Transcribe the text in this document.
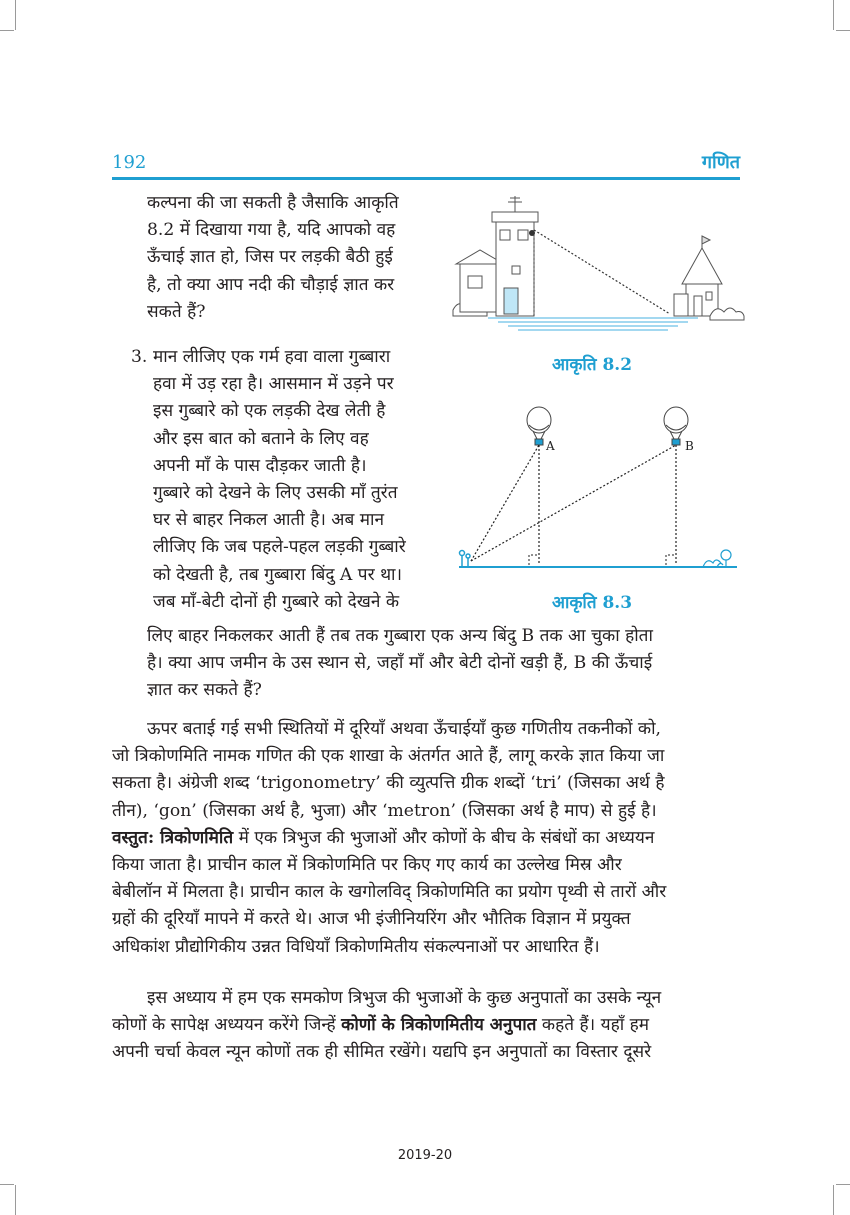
192	गणित
कल्पना की जा सकती है जैसाकि आकृति
8.2 में दिखाया गया है, यदि आपको वह
ऊँचाई ज्ञात हो, जिस पर लड़की बैठी हुई
है, तो क्या आप नदी की चौड़ाई ज्ञात कर
सकते हैं?
3. मान लीजिए एक गर्म हवा वाला गुब्बारा
हवा में उड़ रहा है। आसमान में उड़ने पर
इस गुब्बारे को एक लड़की देख लेती है
और इस बात को बताने के लिए वह
अपनी माँ के पास दौड़कर जाती है।
गुब्बारे को देखने के लिए उसकी माँ तुरंत
घर से बाहर निकल आती है। अब मान
लीजिए कि जब पहले-पहल लड़की गुब्बारे
को देखती है, तब गुब्बारा बिंदु A पर था।
जब माँ-बेटी दोनों ही गुब्बारे को देखने के
लिए बाहर निकलकर आती हैं तब तक गुब्बारा एक अन्य बिंदु B तक आ चुका होता
है। क्या आप जमीन के उस स्थान से, जहाँ माँ और बेटी दोनों खड़ी हैं, B की ऊँचाई
ज्ञात कर सकते हैं?
आकृति 8.2
A	B
आकृति 8.3
ऊपर बताई गई सभी स्थितियों में दूरियाँ अथवा ऊँचाईयाँ कुछ गणितीय तकनीकों को,
जो त्रिकोणमिति नामक गणित की एक शाखा के अंतर्गत आते हैं, लागू करके ज्ञात किया जा
सकता है। अंग्रेजी शब्द ‘trigonometry’ की व्युत्पत्ति ग्रीक शब्दों ‘tri’ (जिसका अर्थ है
तीन), ‘gon’ (जिसका अर्थ है, भुजा) और ‘metron’ (जिसका अर्थ है माप) से हुई है।
वस्तुत: त्रिकोणमिति में एक त्रिभुज की भुजाओं और कोणों के बीच के संबंधों का अध्ययन
किया जाता है। प्राचीन काल में त्रिकोणमिति पर किए गए कार्य का उल्लेख मिस्र और
बेबीलॉन में मिलता है। प्राचीन काल के खगोलविद् त्रिकोणमिति का प्रयोग पृथ्वी से तारों और
ग्रहों की दूरियाँ मापने में करते थे। आज भी इंजीनियरिंग और भौतिक विज्ञान में प्रयुक्त
अधिकांश प्रौद्योगिकीय उन्नत विधियाँ त्रिकोणमितीय संकल्पनाओं पर आधारित हैं।
इस अध्याय में हम एक समकोण त्रिभुज की भुजाओं के कुछ अनुपातों का उसके न्यून
कोणों के सापेक्ष अध्ययन करेंगे जिन्हें कोणों के त्रिकोणमितीय अनुपात कहते हैं। यहाँ हम
अपनी चर्चा केवल न्यून कोणों तक ही सीमित रखेंगे। यद्यपि इन अनुपातों का विस्तार दूसरे
2019-20
